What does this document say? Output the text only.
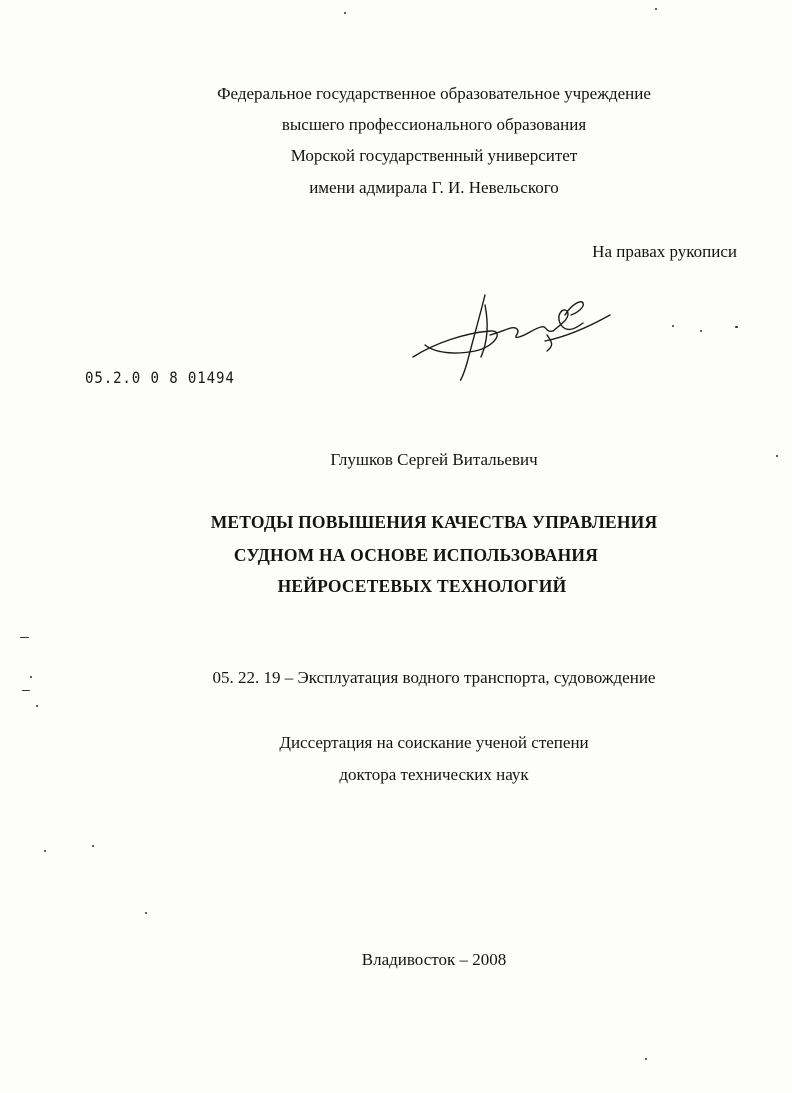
Федеральное государственное образовательное учреждение
высшего профессионального образования
Морской государственный университет
имени адмирала Г. И. Невельского
На правах рукописи
05.2.0 0 8 01494
Глушков Сергей Витальевич
МЕТОДЫ ПОВЫШЕНИЯ КАЧЕСТВА УПРАВЛЕНИЯ
СУДНОМ НА ОСНОВЕ ИСПОЛЬЗОВАНИЯ
НЕЙРОСЕТЕВЫХ ТЕХНОЛОГИЙ
05. 22. 19 – Эксплуатация водного транспорта, судовождение
Диссертация на соискание ученой степени
доктора технических наук
Владивосток – 2008
